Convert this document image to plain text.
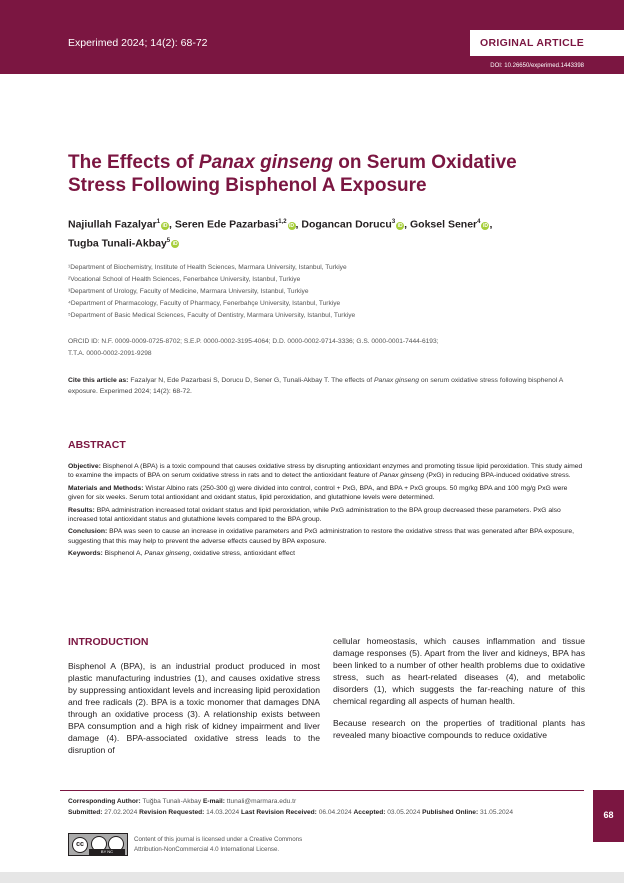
Experimed 2024; 14(2): 68-72	ORIGINAL ARTICLE
DOI: 10.26650/experimed.1443398
The Effects of Panax ginseng on Serum Oxidative
Stress Following Bisphenol A Exposure
Najiullah Fazalyar$^1$iD , Seren Ede Pazarbasi$^{1,2}$iD , Dogancan Dorucu$^3$iD , Goksel Sener$^4$iD ,
Tugba Tunali-Akbay$^5$iD
¹Department of Biochemistry, Institute of Health Sciences, Marmara University, Istanbul, Turkiye
²Vocational School of Health Sciences, Fenerbahce University, Istanbul, Turkiye
³Department of Urology, Faculty of Medicine, Marmara University, Istanbul, Turkiye
⁴Department of Pharmacology, Faculty of Pharmacy, Fenerbahçe University, Istanbul, Turkiye
⁵Department of Basic Medical Sciences, Faculty of Dentistry, Marmara University, Istanbul, Turkiye
ORCID ID: N.F. 0009-0009-0725-8702; S.E.P. 0000-0002-3195-4064; D.D. 0000-0002-9714-3336; G.S. 0000-0001-7444-6193;
T.T.A. 0000-0002-2091-9298
Cite this article as: Fazalyar N, Ede Pazarbasi S, Dorucu D, Sener G, Tunali-Akbay T. The effects of Panax ginseng on serum oxidative stress following bisphenol A exposure. Experimed 2024; 14(2): 68-72.
ABSTRACT

Objective: Bisphenol A (BPA) is a toxic compound that causes oxidative stress by disrupting antioxidant enzymes and promoting tissue lipid peroxidation. This study aimed to examine the impacts of BPA on serum oxidative stress in rats and to detect the antioxidant feature of Panax ginseng (PxG) in reducing BPA-induced oxidative stress.

Materials and Methods: Wistar Albino rats (250-300 g) were divided into control, control + PxG, BPA, and BPA + PxG groups. 50 mg/kg BPA and 100 mg/g PxG were given for six weeks. Serum total antioxidant and oxidant status, lipid peroxidation, and glutathione levels were determined.

Results: BPA administration increased total oxidant status and lipid peroxidation, while PxG administration to the BPA group decreased these parameters. PxG also increased total antioxidant status and glutathione levels compared to the BPA group.

Conclusion: BPA was seen to cause an increase in oxidative parameters and PxG administration to restore the oxidative stress that was generated after BPA exposure, suggesting that this may help to prevent the adverse effects caused by BPA exposure.

Keywords: Bisphenol A, Panax ginseng, oxidative stress, antioxidant effect

INTRODUCTION

Bisphenol A (BPA), is an industrial product produced in most plastic manufacturing industries (1), and causes oxidative stress by suppressing antioxidant levels and increasing lipid peroxidation and free radicals (2). BPA is a toxic monomer that damages DNA through an oxidative process (3). A relationship exists between BPA consumption and a high risk of kidney impairment and liver damage (4). BPA-associated oxidative stress leads to the disruption of

cellular homeostasis, which causes inflammation and tissue damage responses (5). Apart from the liver and kidneys, BPA has been linked to a number of other health problems due to oxidative stress, such as heart-related diseases (4), and metabolic disorders (1), which suggests the far-reaching nature of this chemical regarding all aspects of human health.

Because research on the properties of traditional plants has revealed many bioactive compounds to reduce oxidative

Corresponding Author: Tuğba Tunalı-Akbay E-mail: ttunali@marmara.edu.tr
Submitted: 27.02.2024 Revision Requested: 14.03.2024 Last Revision Received: 06.04.2024 Accepted: 03.05.2024 Published Online: 31.05.2024	68
cc
BY NC
Content of this journal is licensed under a Creative Commons
Attribution-NonCommercial 4.0 International License.
